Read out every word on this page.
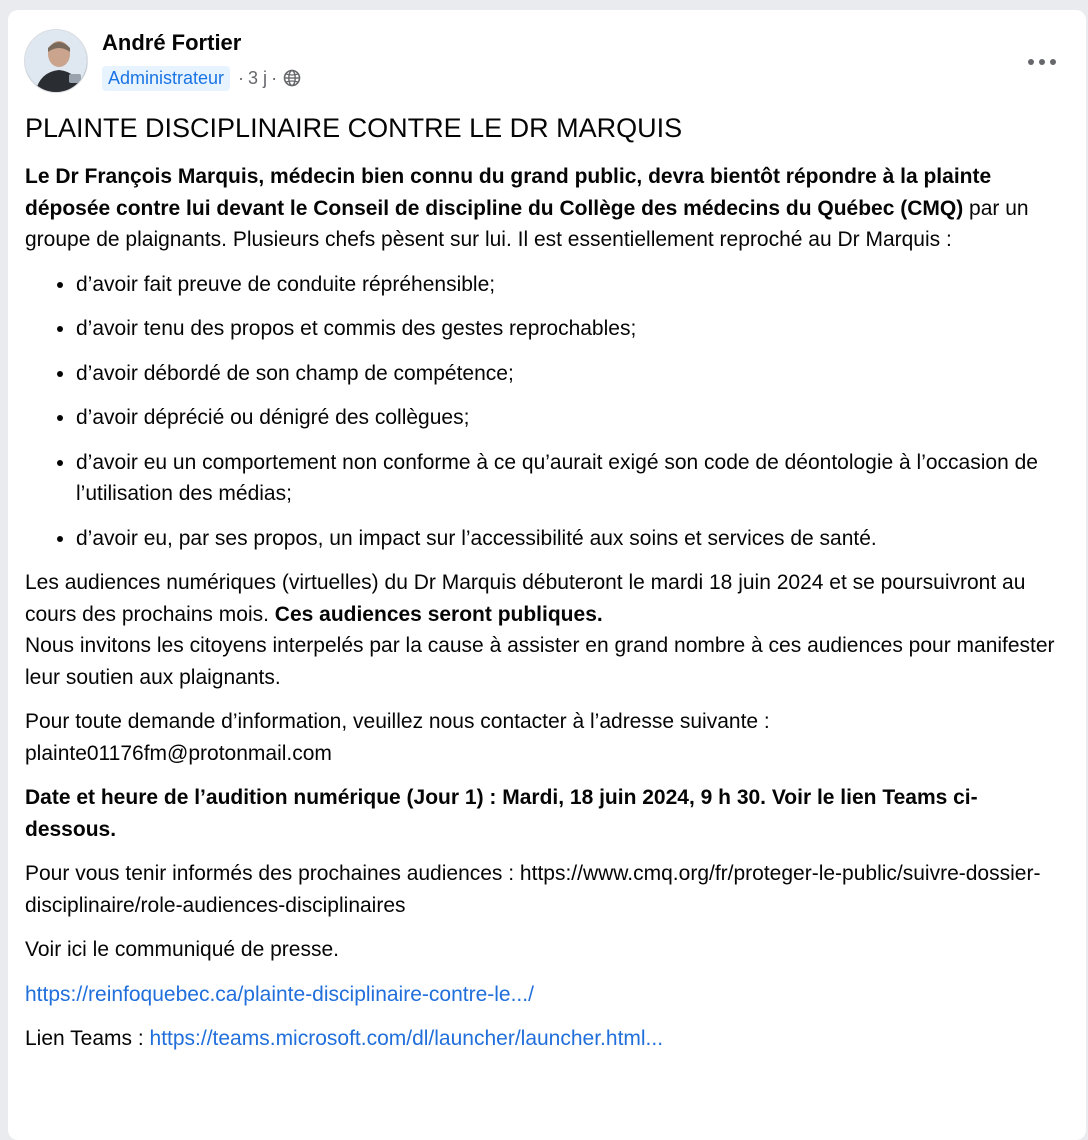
André Fortier
Administrateur · 3 j ·
PLAINTE DISCIPLINAIRE CONTRE LE DR MARQUIS

Le Dr François Marquis, médecin bien connu du grand public, devra bientôt répondre à la plainte déposée contre lui devant le Conseil de discipline du Collège des médecins du Québec (CMQ) par un groupe de plaignants. Plusieurs chefs pèsent sur lui. Il est essentiellement reproché au Dr Marquis :

• d’avoir fait preuve de conduite répréhensible;
• d’avoir tenu des propos et commis des gestes reprochables;
• d’avoir débordé de son champ de compétence;
• d’avoir déprécié ou dénigré des collègues;
• d’avoir eu un comportement non conforme à ce qu’aurait exigé son code de déontologie à l’occasion de l’utilisation des médias;
• d’avoir eu, par ses propos, un impact sur l’accessibilité aux soins et services de santé.

Les audiences numériques (virtuelles) du Dr Marquis débuteront le mardi 18 juin 2024 et se poursuivront au cours des prochains mois. Ces audiences seront publiques.
Nous invitons les citoyens interpelés par la cause à assister en grand nombre à ces audiences pour manifester leur soutien aux plaignants.

Pour toute demande d’information, veuillez nous contacter à l’adresse suivante : plainte01176fm@protonmail.com

Date et heure de l’audition numérique (Jour 1) : Mardi, 18 juin 2024, 9 h 30. Voir le lien Teams ci-dessous.

Pour vous tenir informés des prochaines audiences : https://www.cmq.org/fr/proteger-le-public/suivre-dossier-disciplinaire/role-audiences-disciplinaires

Voir ici le communiqué de presse.

https://reinfoquebec.ca/plainte-disciplinaire-contre-le.../

Lien Teams : https://teams.microsoft.com/dl/launcher/launcher.html...
